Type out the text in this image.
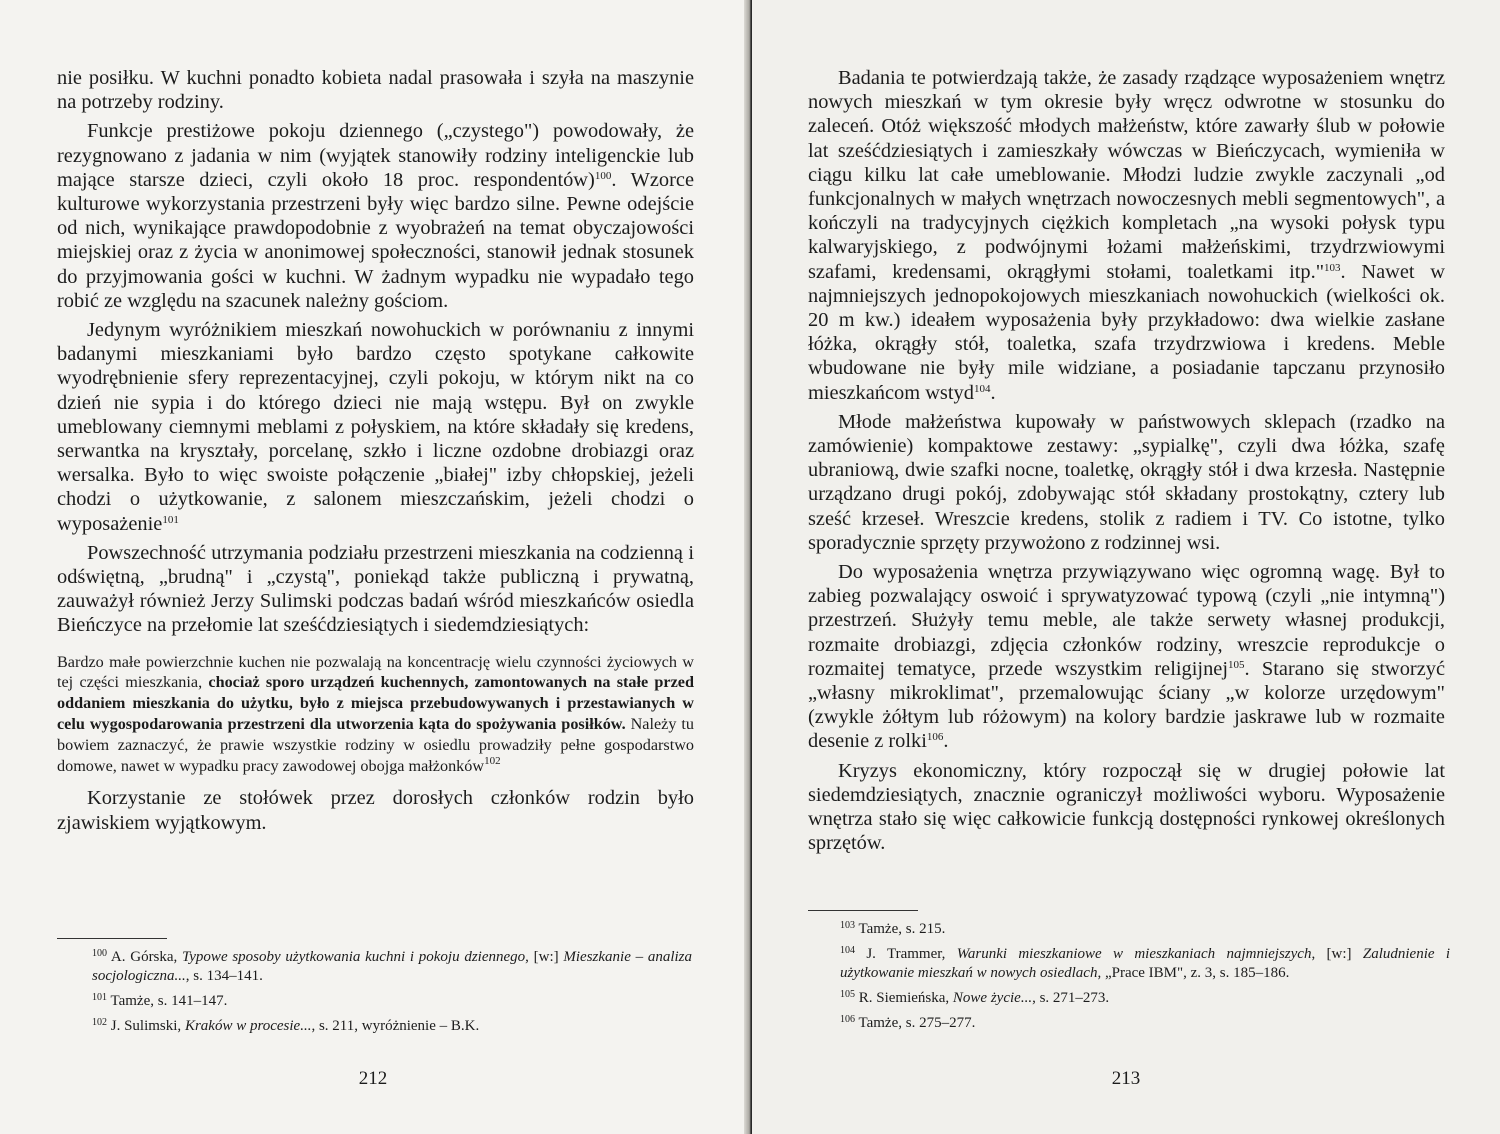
nie posiłku. W kuchni ponadto kobieta nadal prasowała i szyła na maszynie na potrzeby rodziny.

Funkcje prestiżowe pokoju dziennego („czystego") powodowały, że rezygnowano z jadania w nim (wyjątek stanowiły rodziny inteligenckie lub mające starsze dzieci, czyli około 18 proc. respondentów)$^{100}$. Wzorce kulturowe wykorzystania przestrzeni były więc bardzo silne. Pewne odejście od nich, wynikające prawdopodobnie z wyobrażeń na temat obyczajowości miejskiej oraz z życia w anonimowej społeczności, stanowił jednak stosunek do przyjmowania gości w kuchni. W żadnym wypadku nie wypadało tego robić ze względu na szacunek należny gościom.

Jedynym wyróżnikiem mieszkań nowohuckich w porównaniu z innymi badanymi mieszkaniami było bardzo często spotykane całkowite wyodrębnienie sfery reprezentacyjnej, czyli pokoju, w którym nikt na co dzień nie sypia i do którego dzieci nie mają wstępu. Był on zwykle umeblowany ciemnymi meblami z połyskiem, na które składały się kredens, serwantka na kryształy, porcelanę, szkło i liczne ozdobne drobiazgi oraz wersalka. Było to więc swoiste połączenie „białej" izby chłopskiej, jeżeli chodzi o użytkowanie, z salonem mieszczańskim, jeżeli chodzi o wyposażenie$^{101}$

Powszechność utrzymania podziału przestrzeni mieszkania na codzienną i odświętną, „brudną" i „czystą", poniekąd także publiczną i prywatną, zauważył również Jerzy Sulimski podczas badań wśród mieszkańców osiedla Bieńczyce na przełomie lat sześćdziesiątych i siedemdziesiątych:

Bardzo małe powierzchnie kuchen nie pozwalają na koncentrację wielu czynności życiowych w tej części mieszkania, chociaż sporo urządzeń kuchennych, zamontowanych na stałe przed oddaniem mieszkania do użytku, było z miejsca przebudowywanych i przestawianych w celu wygospodarowania przestrzeni dla utworzenia kąta do spożywania posiłków. Należy tu bowiem zaznaczyć, że prawie wszystkie rodziny w osiedlu prowadziły pełne gospodarstwo domowe, nawet w wypadku pracy zawodowej obojga małżonków$^{102}$

Korzystanie ze stołówek przez dorosłych członków rodzin było zjawiskiem wyjątkowym.

$^{100}$ A. Górska, Typowe sposoby użytkowania kuchni i pokoju dziennego, [w:] Mieszkanie – analiza socjologiczna..., s. 134–141.

$^{101}$ Tamże, s. 141–147.

$^{102}$ J. Sulimski, Kraków w procesie..., s. 211, wyróżnienie – B.K.

212

Badania te potwierdzają także, że zasady rządzące wyposażeniem wnętrz nowych mieszkań w tym okresie były wręcz odwrotne w stosunku do zaleceń. Otóż większość młodych małżeństw, które zawarły ślub w połowie lat sześćdziesiątych i zamieszkały wówczas w Bieńczycach, wymieniła w ciągu kilku lat całe umeblowanie. Młodzi ludzie zwykle zaczynali „od funkcjonalnych w małych wnętrzach nowoczesnych mebli segmentowych", a kończyli na tradycyjnych ciężkich kompletach „na wysoki połysk typu kalwaryjskiego, z podwójnymi łożami małżeńskimi, trzydrzwiowymi szafami, kredensami, okrągłymi stołami, toaletkami itp."$^{103}$. Nawet w najmniejszych jednopokojowych mieszkaniach nowohuckich (wielkości ok. 20 m kw.) ideałem wyposażenia były przykładowo: dwa wielkie zasłane łóżka, okrągły stół, toaletka, szafa trzydrzwiowa i kredens. Meble wbudowane nie były mile widziane, a posiadanie tapczanu przynosiło mieszkańcom wstyd$^{104}$.

Młode małżeństwa kupowały w państwowych sklepach (rzadko na zamówienie) kompaktowe zestawy: „sypialkę", czyli dwa łóżka, szafę ubraniową, dwie szafki nocne, toaletkę, okrągły stół i dwa krzesła. Następnie urządzano drugi pokój, zdobywając stół składany prostokątny, cztery lub sześć krzeseł. Wreszcie kredens, stolik z radiem i TV. Co istotne, tylko sporadycznie sprzęty przywożono z rodzinnej wsi.

Do wyposażenia wnętrza przywiązywano więc ogromną wagę. Był to zabieg pozwalający oswoić i sprywatyzować typową (czyli „nie intymną") przestrzeń. Służyły temu meble, ale także serwety własnej produkcji, rozmaite drobiazgi, zdjęcia członków rodziny, wreszcie reprodukcje o rozmaitej tematyce, przede wszystkim religijnej$^{105}$. Starano się stworzyć „własny mikroklimat", przemalowując ściany „w kolorze urzędowym" (zwykle żółtym lub różowym) na kolory bardzie jaskrawe lub w rozmaite desenie z rolki$^{106}$.

Kryzys ekonomiczny, który rozpoczął się w drugiej połowie lat siedemdziesiątych, znacznie ograniczył możliwości wyboru. Wyposażenie wnętrza stało się więc całkowicie funkcją dostępności rynkowej określonych sprzętów.

$^{103}$ Tamże, s. 215.

$^{104}$ J. Trammer, Warunki mieszkaniowe w mieszkaniach najmniejszych, [w:] Zaludnienie i użytkowanie mieszkań w nowych osiedlach, „Prace IBM", z. 3, s. 185–186.

$^{105}$ R. Siemieńska, Nowe życie..., s. 271–273.

$^{106}$ Tamże, s. 275–277.

213
